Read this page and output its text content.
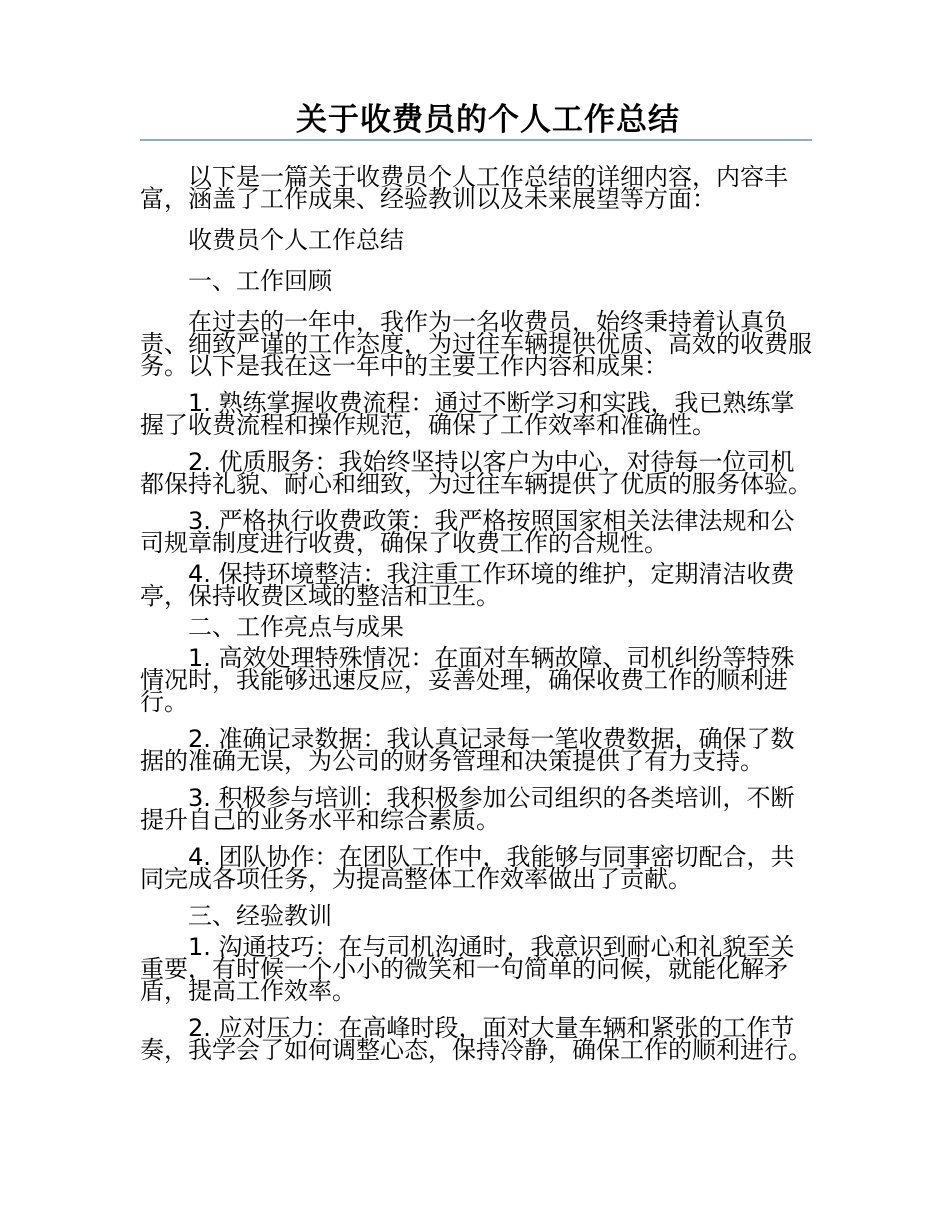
关于收费员的个人工作总结

以下是一篇关于收费员个人工作总结的详细内容，内容丰富，涵盖了工作成果、经验教训以及未来展望等方面：

收费员个人工作总结

一、工作回顾

在过去的一年中，我作为一名收费员，始终秉持着认真负责、细致严谨的工作态度，为过往车辆提供优质、高效的收费服务。以下是我在这一年中的主要工作内容和成果：

1. 熟练掌握收费流程：通过不断学习和实践，我已熟练掌握了收费流程和操作规范，确保了工作效率和准确性。

2. 优质服务：我始终坚持以客户为中心，对待每一位司机都保持礼貌、耐心和细致，为过往车辆提供了优质的服务体验。

3. 严格执行收费政策：我严格按照国家相关法律法规和公司规章制度进行收费，确保了收费工作的合规性。

4. 保持环境整洁：我注重工作环境的维护，定期清洁收费亭，保持收费区域的整洁和卫生。

二、工作亮点与成果

1. 高效处理特殊情况：在面对车辆故障、司机纠纷等特殊情况时，我能够迅速反应，妥善处理，确保收费工作的顺利进行。

2. 准确记录数据：我认真记录每一笔收费数据，确保了数据的准确无误，为公司的财务管理和决策提供了有力支持。

3. 积极参与培训：我积极参加公司组织的各类培训，不断提升自己的业务水平和综合素质。

4. 团队协作：在团队工作中，我能够与同事密切配合，共同完成各项任务，为提高整体工作效率做出了贡献。

三、经验教训

1. 沟通技巧：在与司机沟通时，我意识到耐心和礼貌至关重要，有时候一个小小的微笑和一句简单的问候，就能化解矛盾，提高工作效率。

2. 应对压力：在高峰时段，面对大量车辆和紧张的工作节奏，我学会了如何调整心态，保持冷静，确保工作的顺利进行。
